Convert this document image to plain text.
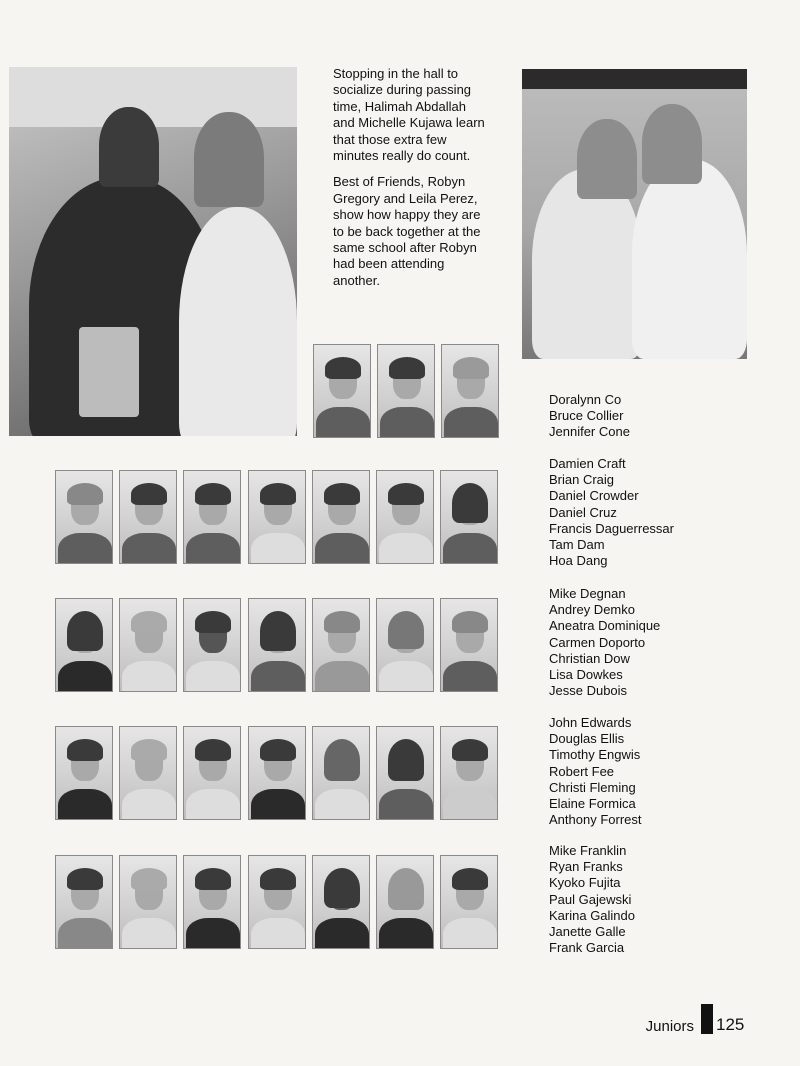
Stopping in the hall to socialize during passing time, Halimah Abdallah and Michelle Kujawa learn that those extra few minutes really do count.

Best of Friends, Robyn Gregory and Leila Perez, show how happy they are to be back together at the same school after Robyn had been attending another.

Doralynn Co
Bruce Collier
Jennifer Cone
Damien Craft
Brian Craig
Daniel Crowder
Daniel Cruz
Francis Daguerressar
Tam Dam
Hoa Dang
Mike Degnan
Andrey Demko
Aneatra Dominique
Carmen Doporto
Christian Dow
Lisa Dowkes
Jesse Dubois
John Edwards
Douglas Ellis
Timothy Engwis
Robert Fee
Christi Fleming
Elaine Formica
Anthony Forrest
Mike Franklin
Ryan Franks
Kyoko Fujita
Paul Gajewski
Karina Galindo
Janette Galle
Frank Garcia
Juniors 125
